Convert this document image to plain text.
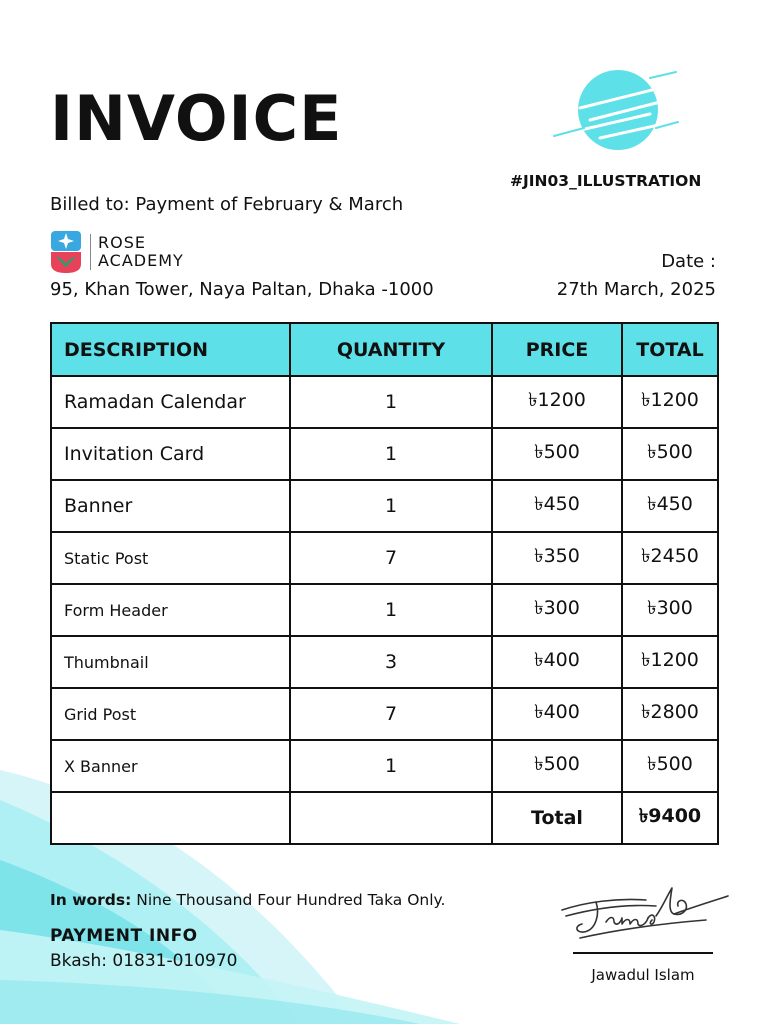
INVOICE
#JIN03_ILLUSTRATION
Billed to: Payment of February & March
ROSE
ACADEMY
95, Khan Tower, Naya Paltan, Dhaka -1000
Date :
27th March, 2025
DESCRIPTION	QUANTITY	PRICE	TOTAL
Ramadan Calendar	1	৳1200	৳1200
Invitation Card	1	৳500	৳500
Banner	1	৳450	৳450
Static Post	7	৳350	৳2450
Form Header	1	৳300	৳300
Thumbnail	3	৳400	৳1200
Grid Post	7	৳400	৳2800
X Banner	1	৳500	৳500
		Total	৳9400
In words: Nine Thousand Four Hundred Taka Only.
PAYMENT INFO
Bkash: 01831-010970
Jawadul Islam
